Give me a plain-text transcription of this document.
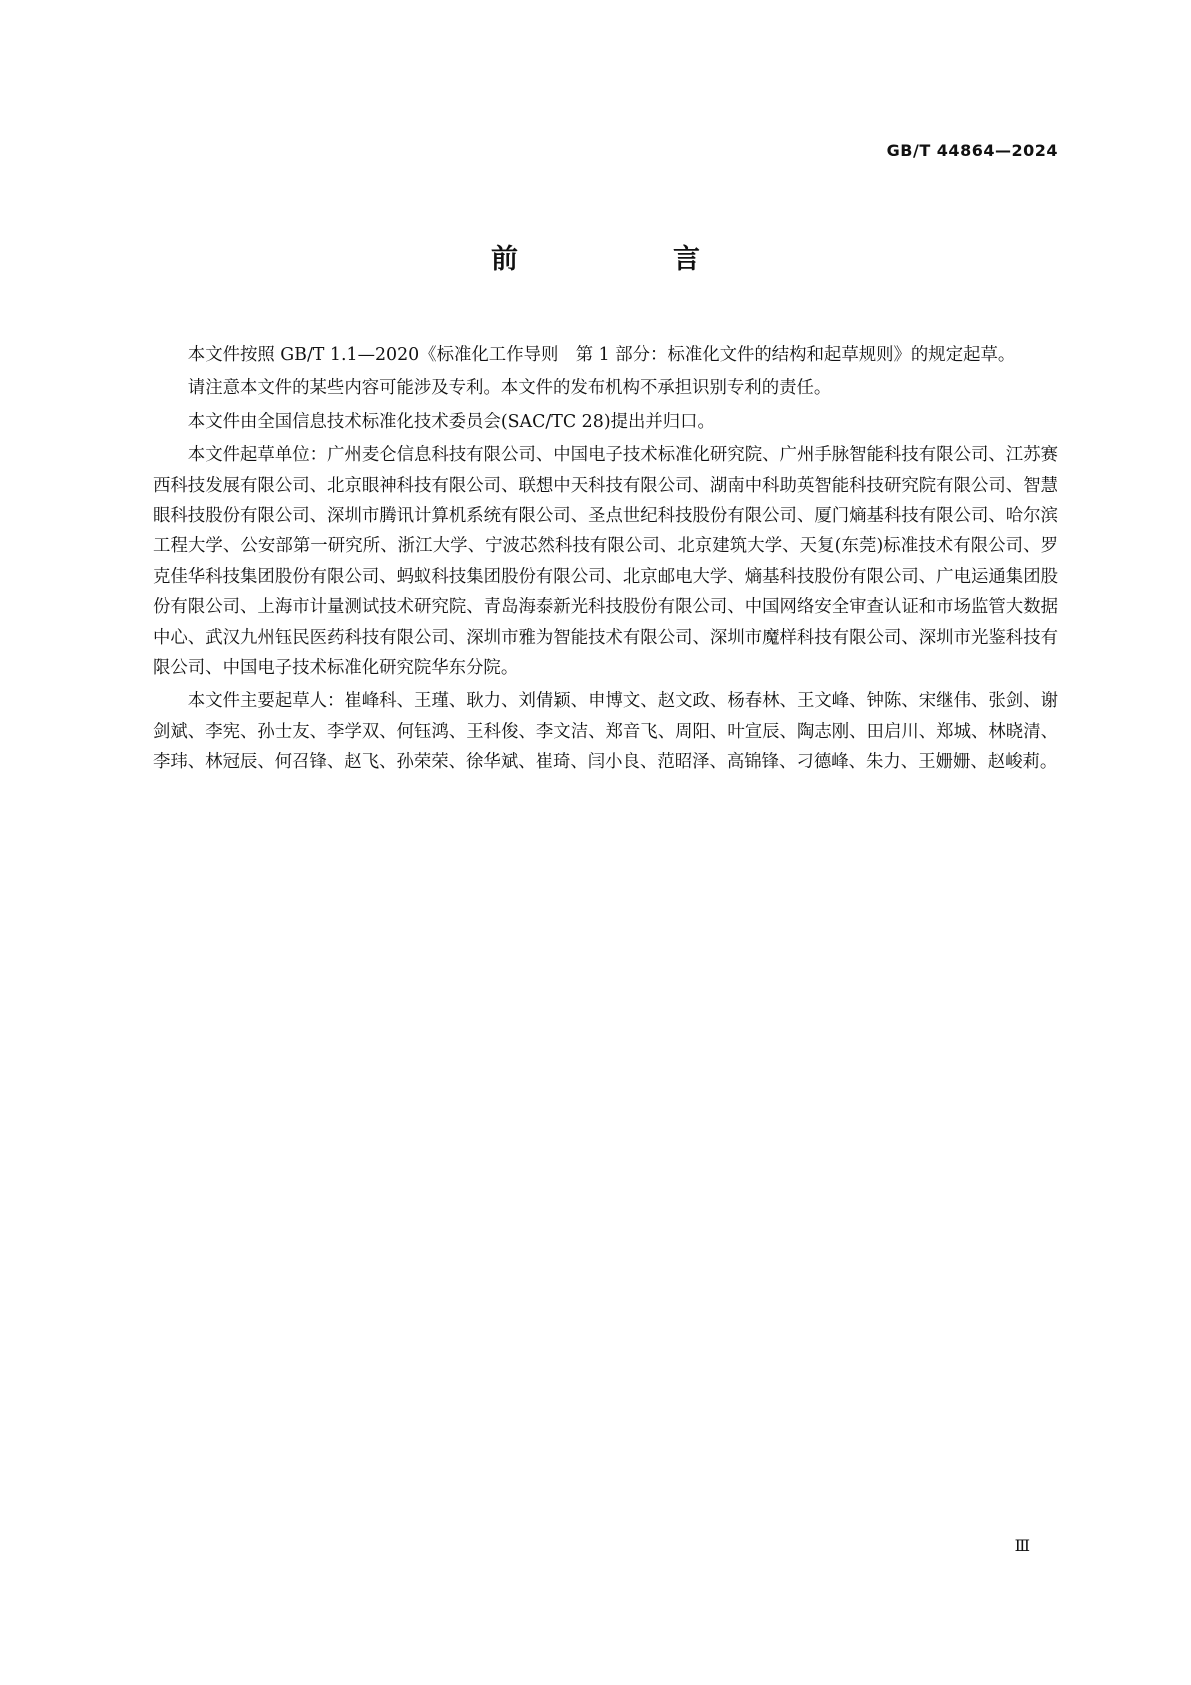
GB/T 44864—2024
前　言

本文件按照 GB/T 1.1—2020《标准化工作导则　第 1 部分：标准化文件的结构和起草规则》的规定起草。

请注意本文件的某些内容可能涉及专利。本文件的发布机构不承担识别专利的责任。

本文件由全国信息技术标准化技术委员会(SAC/TC 28)提出并归口。

本文件起草单位：广州麦仑信息科技有限公司、中国电子技术标准化研究院、广州手脉智能科技有限公司、江苏赛西科技发展有限公司、北京眼神科技有限公司、联想中天科技有限公司、湖南中科助英智能科技研究院有限公司、智慧眼科技股份有限公司、深圳市腾讯计算机系统有限公司、圣点世纪科技股份有限公司、厦门熵基科技有限公司、哈尔滨工程大学、公安部第一研究所、浙江大学、宁波芯然科技有限公司、北京建筑大学、天复(东莞)标准技术有限公司、罗克佳华科技集团股份有限公司、蚂蚁科技集团股份有限公司、北京邮电大学、熵基科技股份有限公司、广电运通集团股份有限公司、上海市计量测试技术研究院、青岛海泰新光科技股份有限公司、中国网络安全审查认证和市场监管大数据中心、武汉九州钰民医药科技有限公司、深圳市雅为智能技术有限公司、深圳市魔样科技有限公司、深圳市光鉴科技有限公司、中国电子技术标准化研究院华东分院。

本文件主要起草人：崔峰科、王瑾、耿力、刘倩颖、申博文、赵文政、杨春林、王文峰、钟陈、宋继伟、张剑、谢剑斌、李宪、孙士友、李学双、何钰鸿、王科俊、李文洁、郑音飞、周阳、叶宣辰、陶志刚、田启川、郑城、林晓清、李玮、林冠辰、何召锋、赵飞、孙荣荣、徐华斌、崔琦、闫小良、范昭泽、高锦锋、刁德峰、朱力、王姗姗、赵峻莉。

Ⅲ
